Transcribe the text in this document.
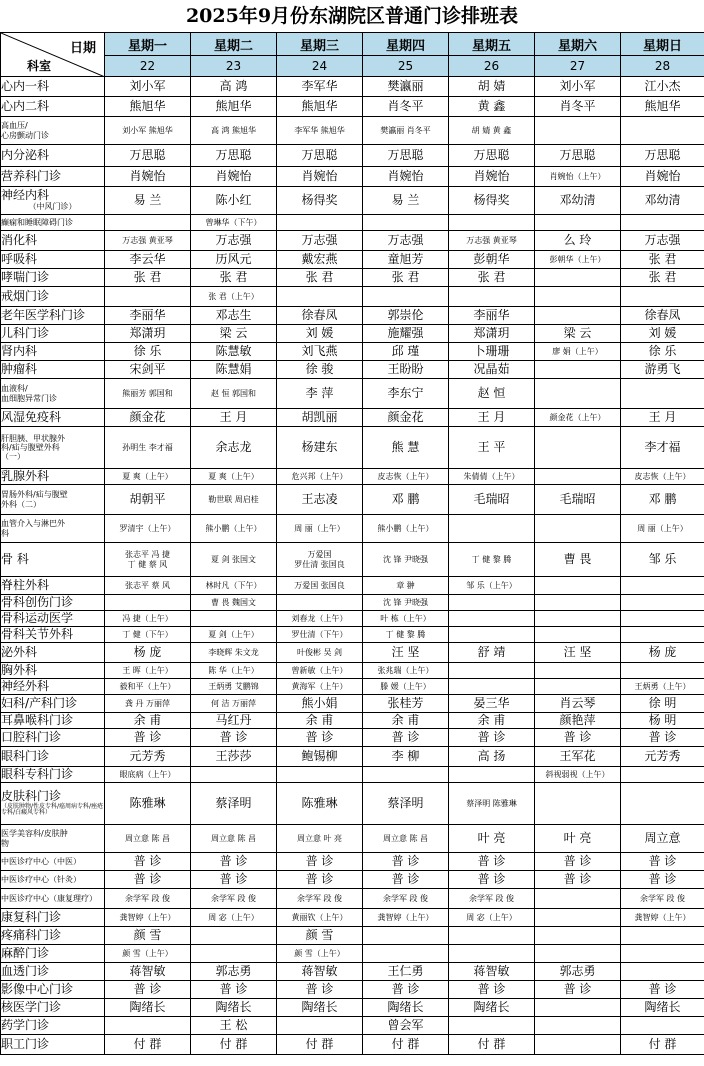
2025年9月份东湖院区普通门诊排班表
日期
科室	星期一	星期二	星期三	星期四	星期五	星期六	星期日
	22	23	24	25	26	27	28

心内一科	刘小军	高 鸿	李军华	樊瀛丽	胡 婧	刘小军	江小杰

心内二科	熊旭华	熊旭华	熊旭华	肖冬平	黄 鑫	肖冬平	熊旭华

高血压/
心房颤动门诊	刘小军 熊旭华	高 鸿 熊旭华	李军华 熊旭华	樊瀛丽 肖冬平	胡 婧 黄 鑫		

内分泌科	万思聪	万思聪	万思聪	万思聪	万思聪	万思聪	万思聪

营养科门诊	肖婉怡	肖婉怡	肖婉怡	肖婉怡	肖婉怡	肖婉怡（上午）	肖婉怡

神经内科
（中风门诊）	易 兰	陈小红	杨得奖	易 兰	杨得奖	邓幼清	邓幼清

癫痫和睡眠障碍门诊		曾琳华（下午）					

消化科	万志强 黄亚琴	万志强	万志强	万志强	万志强 黄亚琴	么 玲	万志强

呼吸科	李云华	历风元	戴宏燕	童旭芳	彭朝华	彭朝华（上午）	张 君

哮喘门诊	张 君	张 君	张 君	张 君	张 君		张 君

戒烟门诊		张 君（上午）					

老年医学科门诊	李丽华	邓志生	徐春凤	郭崇伦	李丽华		徐春凤

儿科门诊	郑潇玥	梁 云	刘 媛	施耀强	郑潇玥	梁 云	刘 媛

肾内科	徐 乐	陈慧敏	刘飞燕	邱 瑾	卜珊珊	廖 娟（上午）	徐 乐

肿瘤科	宋剑平	陈慧娟	徐 骏	王盼盼	况晶茹		游勇飞

血液科/
血细胞异常门诊	熊丽芳 郭国和	赵 恒 郭国和	李 萍	李东宁	赵 恒		

风湿免疫科	颜金花	王 月	胡凯丽	颜金花	王 月	颜金花（上午）	王 月

肝胆胰、甲状腺外
科/疝与腹壁外科
（一）	孙明生 李才福	余志龙	杨建东	熊 慧	王 平		李才福

乳腺外科	夏 爽（上午）	夏 爽（上午）	危兴邦（上午）	皮志恢（上午）	朱倩倩（上午）		皮志恢（上午）

胃肠外科/疝与腹壁
外科（二）	胡朝平	勒世联 周启桂	王志凌	邓 鹏	毛瑞昭	毛瑞昭	邓 鹏

血管介入与淋巴外
科	罗清宇（上午）	熊小鹏（上午）	周 丽（上午）	熊小鹏（上午）			周 丽（上午）

骨 科	张志平 冯 捷
丁 健 蔡 风	夏 剑 张国文	万爱国
罗仕清 张国良	沈 锋 尹晓强	丁 健 黎 腾	曹 畏	邹 乐

脊柱外科	张志平 蔡 风	林时凡（下午）	万爱国 张国良	章 翀	邹 乐（上午）		

骨科创伤门诊		曹 畏 魏国文		沈 锋 尹晓强			

骨科运动医学	冯 捷（上午）		刘春龙（上午）	叶 栋（上午）			

骨科关节外科	丁 健（下午）	夏 剑（上午）	罗仕清（下午）	丁 健 黎 腾			

泌外科	杨 庞	李晓辉 朱文龙	叶俊彬 吴 剑	汪 坚	舒 靖	汪 坚	杨 庞

胸外科	王 晖（上午）	陈 华（上午）	曾新敏（上午）	张兆瑞（上午）			

神经外科	毅和平（上午）	王炳勇 艾鹏锦	黄海军（上午）	滕 媛（上午）			王炳勇（上午）

妇科/产科门诊	龚 丹 万丽萍	何 洁 万丽萍	熊小娟	张桂芳	晏三华	肖云琴	徐 明

耳鼻喉科门诊	余 甫	马红丹	余 甫	余 甫	余 甫	颜艳萍	杨 明

口腔科门诊	普 诊	普 诊	普 诊	普 诊	普 诊	普 诊	普 诊

眼科门诊	元芳秀	王莎莎	鲍锡柳	李 柳	高 扬	王军花	元芳秀

眼科专科门诊	眼底病（上午）					斜视弱视（上午）	

皮肤科门诊
（皮肤肿物/性皮专科/癌周病专科/痤疮专科/白癜风专科）	陈雅琳	蔡泽明	陈雅琳	蔡泽明	蔡泽明 陈雅琳		

医学美容科/皮肤肿
物	周立意 陈 昌	周立意 陈 昌	周立意 叶 亮	周立意 陈 昌	叶 亮	叶 亮	周立意

中医诊疗中心（中医）	普 诊	普 诊	普 诊	普 诊	普 诊	普 诊	普 诊

中医诊疗中心（针灸）	普 诊	普 诊	普 诊	普 诊	普 诊	普 诊	普 诊

中医诊疗中心（康复理疗）	余学军 段 俊	余学军 段 俊	余学军 段 俊	余学军 段 俊	余学军 段 俊		余学军 段 俊

康复科门诊	龚智婷（上午）	周 宓（上午）	黄丽钦（上午）	龚智婷（上午）	周 宓（上午）		龚智婷（上午）

疼痛科门诊	颜 雪		颜 雪				

麻醉门诊	颜 雪（上午）		颜 雪（上午）				

血透门诊	蒋智敏	郭志勇	蒋智敏	王仁勇	蒋智敏	郭志勇	

影像中心门诊	普 诊	普 诊	普 诊	普 诊	普 诊	普 诊	普 诊

核医学门诊	陶绪长	陶绪长	陶绪长	陶绪长	陶绪长		陶绪长

药学门诊		王 松		曾会军			

职工门诊	付 群	付 群	付 群	付 群	付 群		付 群
